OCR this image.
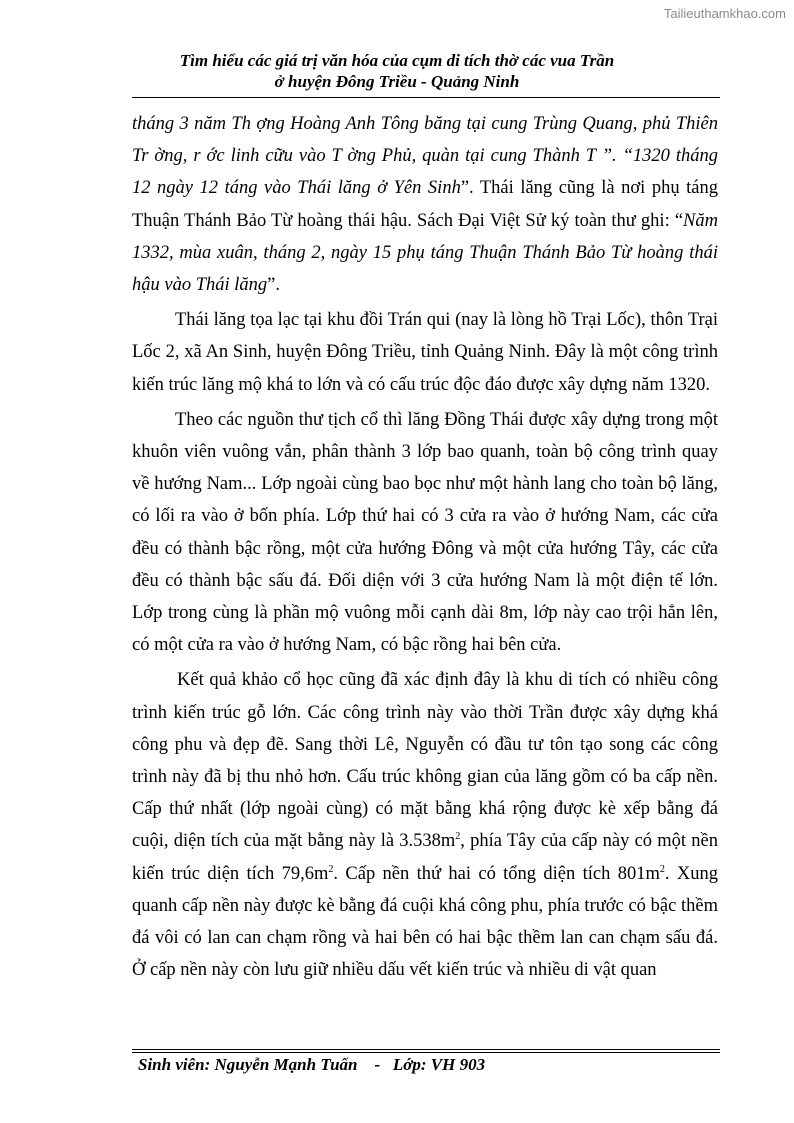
Tailieuthamkhao.com
Tìm hiểu các giá trị văn hóa của cụm di tích thờ các vua Trần
ở huyện Đông Triều - Quảng Ninh

tháng 3 năm Th ợng Hoàng Anh Tông băng tại cung Trùng Quang, phủ Thiên Tr ờng, r ớc linh cữu vào T ờng Phủ, quàn tại cung Thành T ”. “1320 tháng 12 ngày 12 táng vào Thái lăng ở Yên Sinh”. Thái lăng cũng là nơi phụ táng Thuận Thánh Bảo Từ hoàng thái hậu. Sách Đại Việt Sử ký toàn thư ghi: “Năm 1332, mùa xuân, tháng 2, ngày 15 phụ táng Thuận Thánh Bảo Từ hoàng thái hậu vào Thái lăng”.

Thái lăng tọa lạc tại khu đồi Trán qui (nay là lòng hồ Trại Lốc), thôn Trại Lốc 2, xã An Sinh, huyện Đông Triều, tỉnh Quảng Ninh. Đây là một công trình kiến trúc lăng mộ khá to lớn và có cấu trúc độc đáo được xây dựng năm 1320.

Theo các nguồn thư tịch cổ thì lăng Đồng Thái được xây dựng trong một khuôn viên vuông vắn, phân thành 3 lớp bao quanh, toàn bộ công trình quay về hướng Nam... Lớp ngoài cùng bao bọc như một hành lang cho toàn bộ lăng, có lối ra vào ở bốn phía. Lớp thứ hai có 3 cửa ra vào ở hướng Nam, các cửa đều có thành bậc rồng, một cửa hướng Đông và một cửa hướng Tây, các cửa đều có thành bậc sấu đá. Đối diện với 3 cửa hướng Nam là một điện tế lớn. Lớp trong cùng là phần mộ vuông mỗi cạnh dài 8m, lớp này cao trội hẳn lên, có một cửa ra vào ở hướng Nam, có bậc rồng hai bên cửa.

Kết quả khảo cổ học cũng đã xác định đây là khu di tích có nhiều công trình kiến trúc gỗ lớn. Các công trình này vào thời Trần được xây dựng khá công phu và đẹp đẽ. Sang thời Lê, Nguyễn có đầu tư tôn tạo song các công trình này đã bị thu nhỏ hơn. Cấu trúc không gian của lăng gồm có ba cấp nền. Cấp thứ nhất (lớp ngoài cùng) có mặt bằng khá rộng được kè xếp bằng đá cuội, diện tích của mặt bằng này là $3.538m^2$, phía Tây của cấp này có một nền kiến trúc diện tích $79,6m^2$. Cấp nền thứ hai có tổng diện tích $801m^2$. Xung quanh cấp nền này được kè bằng đá cuội khá công phu, phía trước có bậc thềm đá vôi có lan can chạm rồng và hai bên có hai bậc thềm lan can chạm sấu đá. Ở cấp nền này còn lưu giữ nhiều dấu vết kiến trúc và nhiều di vật quan

Sinh viên: Nguyễn Mạnh Tuấn    -   Lớp: VH 903
